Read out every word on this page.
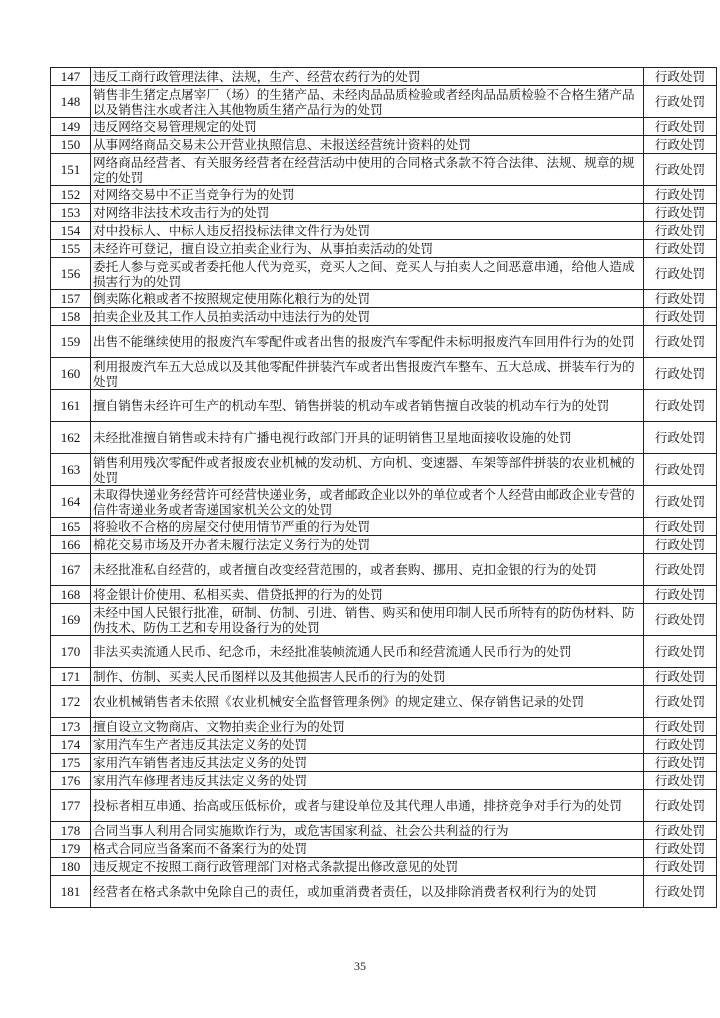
147	违反工商行政管理法律、法规，生产、经营农药行为的处罚	行政处罚
148	销售非生猪定点屠宰厂（场）的生猪产品、未经肉品品质检验或者经肉品品质检验不合格生猪产品以及销售注水或者注入其他物质生猪产品行为的处罚	行政处罚
149	违反网络交易管理规定的处罚	行政处罚
150	从事网络商品交易未公开营业执照信息、未报送经营统计资料的处罚	行政处罚
151	网络商品经营者、有关服务经营者在经营活动中使用的合同格式条款不符合法律、法规、规章的规定的处罚	行政处罚
152	对网络交易中不正当竞争行为的处罚	行政处罚
153	对网络非法技术攻击行为的处罚	行政处罚
154	对中投标人、中标人违反招投标法律文件行为处罚	行政处罚
155	未经许可登记，擅自设立拍卖企业行为、从事拍卖活动的处罚	行政处罚
156	委托人参与竞买或者委托他人代为竞买，竞买人之间、竞买人与拍卖人之间恶意串通，给他人造成损害行为的处罚	行政处罚
157	倒卖陈化粮或者不按照规定使用陈化粮行为的处罚	行政处罚
158	拍卖企业及其工作人员拍卖活动中违法行为的处罚	行政处罚
159	出售不能继续使用的报废汽车零配件或者出售的报废汽车零配件未标明报废汽车回用件行为的处罚	行政处罚
160	利用报废汽车五大总成以及其他零配件拼装汽车或者出售报废汽车整车、五大总成、拼装车行为的处罚	行政处罚
161	擅自销售未经许可生产的机动车型、销售拼装的机动车或者销售擅自改装的机动车行为的处罚	行政处罚
162	未经批准擅自销售或未持有广播电视行政部门开具的证明销售卫星地面接收设施的处罚	行政处罚
163	销售利用残次零配件或者报废农业机械的发动机、方向机、变速器、车架等部件拼装的农业机械的处罚	行政处罚
164	未取得快递业务经营许可经营快递业务，或者邮政企业以外的单位或者个人经营由邮政企业专营的信件寄递业务或者寄递国家机关公文的处罚	行政处罚
165	将验收不合格的房屋交付使用情节严重的行为处罚	行政处罚
166	棉花交易市场及开办者未履行法定义务行为的处罚	行政处罚
167	未经批准私自经营的，或者擅自改变经营范围的，或者套购、挪用、克扣金银的行为的处罚	行政处罚
168	将金银计价使用、私相买卖、借贷抵押的行为的处罚	行政处罚
169	未经中国人民银行批准，研制、仿制、引进、销售、购买和使用印制人民币所特有的防伪材料、防伪技术、防伪工艺和专用设备行为的处罚	行政处罚
170	非法买卖流通人民币、纪念币，未经批准装帧流通人民币和经营流通人民币行为的处罚	行政处罚
171	制作、仿制、买卖人民币图样以及其他损害人民币的行为的处罚	行政处罚
172	农业机械销售者未依照《农业机械安全监督管理条例》的规定建立、保存销售记录的处罚	行政处罚
173	擅自设立文物商店、文物拍卖企业行为的处罚	行政处罚
174	家用汽车生产者违反其法定义务的处罚	行政处罚
175	家用汽车销售者违反其法定义务的处罚	行政处罚
176	家用汽车修理者违反其法定义务的处罚	行政处罚
177	投标者相互串通、抬高或压低标价，或者与建设单位及其代理人串通，排挤竞争对手行为的处罚	行政处罚
178	合同当事人利用合同实施欺诈行为，或危害国家利益、社会公共利益的行为	行政处罚
179	格式合同应当备案而不备案行为的处罚	行政处罚
180	违反规定不按照工商行政管理部门对格式条款提出修改意见的处罚	行政处罚
181	经营者在格式条款中免除自己的责任，或加重消费者责任，以及排除消费者权利行为的处罚	行政处罚
35
